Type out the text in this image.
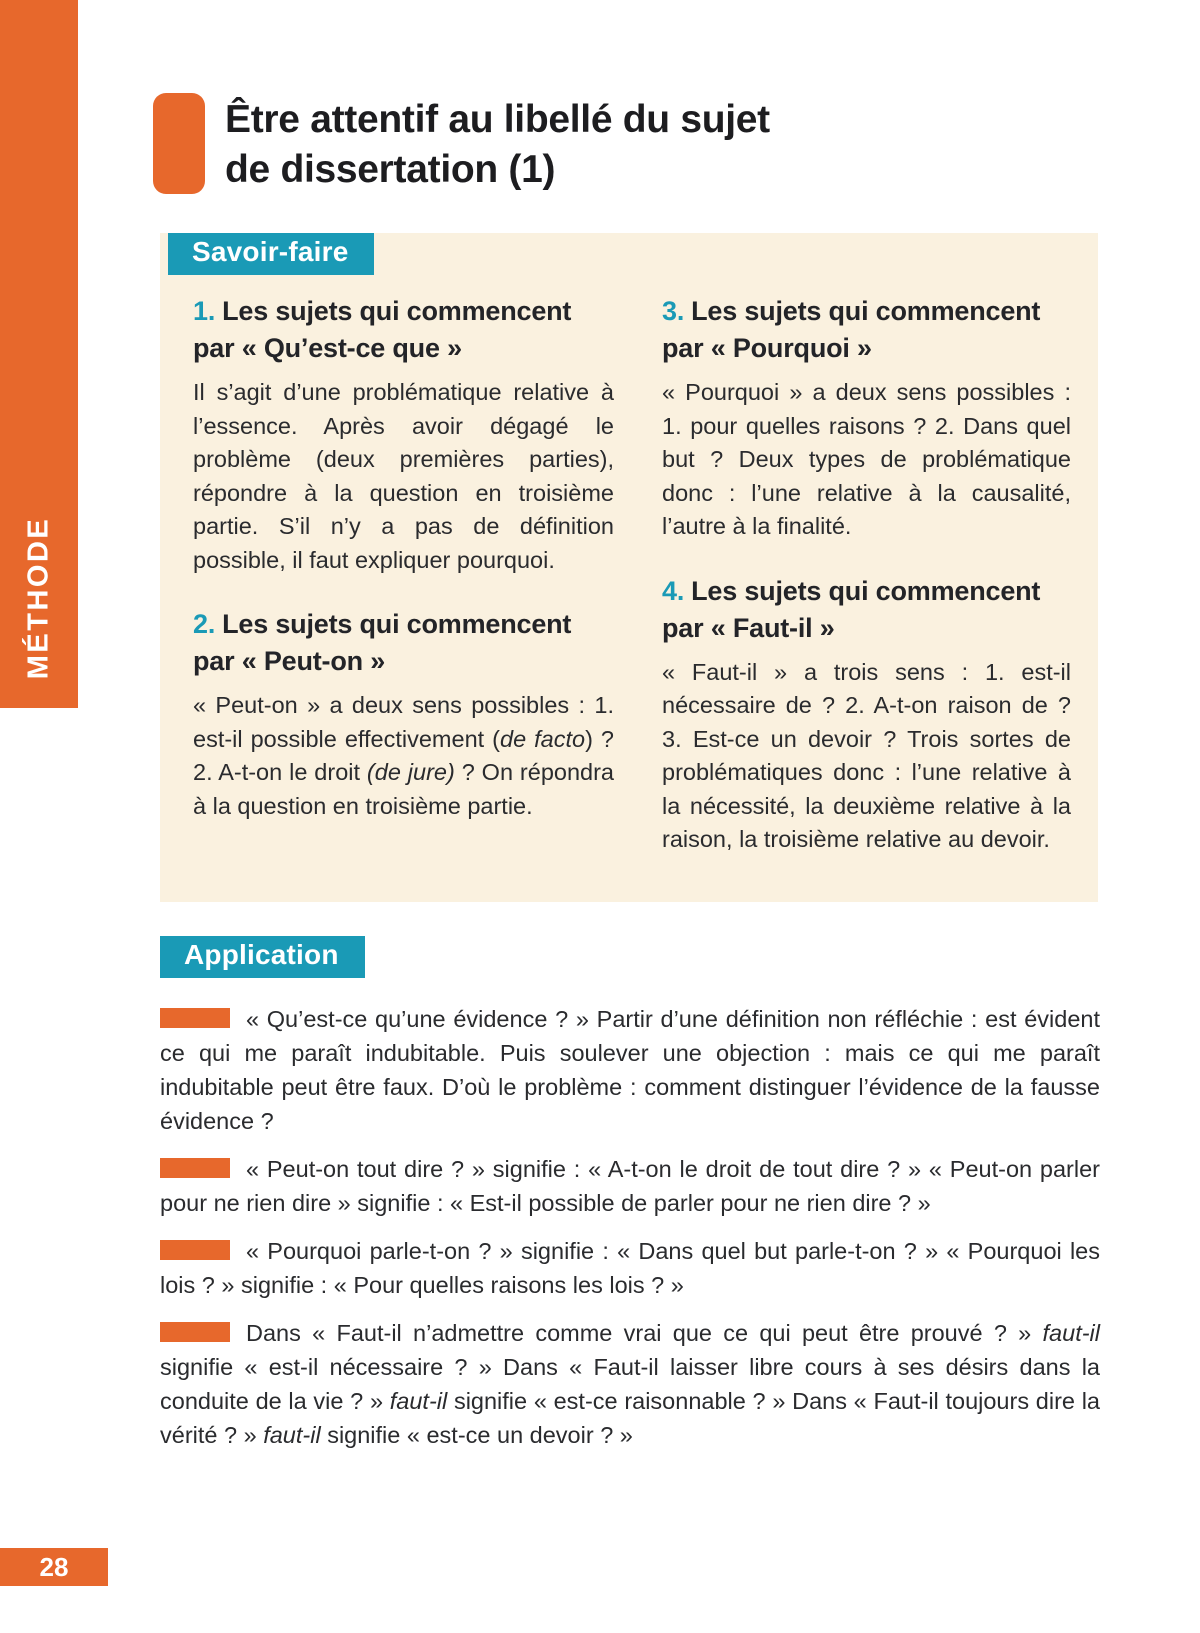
MÉTHODE
Être attentif au libellé du sujet
de dissertation (1)
Savoir-faire
1. Les sujets qui commencent par « Qu’est-ce que »

Il s’agit d’une problématique relative à l’essence. Après avoir dégagé le problème (deux premières parties), répondre à la question en troisième partie. S’il n’y a pas de définition possible, il faut expliquer pourquoi.

2. Les sujets qui commencent par « Peut-on »

« Peut-on » a deux sens possibles : 1. est-il possible effectivement (de facto) ? 2. A-t-on le droit (de jure) ? On répondra à la question en troisième partie.

3. Les sujets qui commencent par « Pourquoi »

« Pourquoi » a deux sens possibles : 1. pour quelles raisons ? 2. Dans quel but ? Deux types de problématique donc : l’une relative à la causalité, l’autre à la finalité.

4. Les sujets qui commencent par « Faut-il »

« Faut-il » a trois sens : 1. est-il nécessaire de ? 2. A-t-on raison de ? 3. Est-ce un devoir ? Trois sortes de problématiques donc : l’une relative à la nécessité, la deuxième relative à la raison, la troisième relative au devoir.

Application

« Qu’est-ce qu’une évidence ? » Partir d’une définition non réfléchie : est évident ce qui me paraît indubitable. Puis soulever une objection : mais ce qui me paraît indubitable peut être faux. D’où le problème : comment distinguer l’évidence de la fausse évidence ?

« Peut-on tout dire ? » signifie : « A-t-on le droit de tout dire ? » « Peut-on parler pour ne rien dire » signifie : « Est-il possible de parler pour ne rien dire ? »

« Pourquoi parle-t-on ? » signifie : « Dans quel but parle-t-on ? » « Pourquoi les lois ? » signifie : « Pour quelles raisons les lois ? »

Dans « Faut-il n’admettre comme vrai que ce qui peut être prouvé ? » faut-il signifie « est-il nécessaire ? » Dans « Faut-il laisser libre cours à ses désirs dans la conduite de la vie ? » faut-il signifie « est-ce raisonnable ? » Dans « Faut-il toujours dire la vérité ? » faut-il signifie « est-ce un devoir ? »

28
